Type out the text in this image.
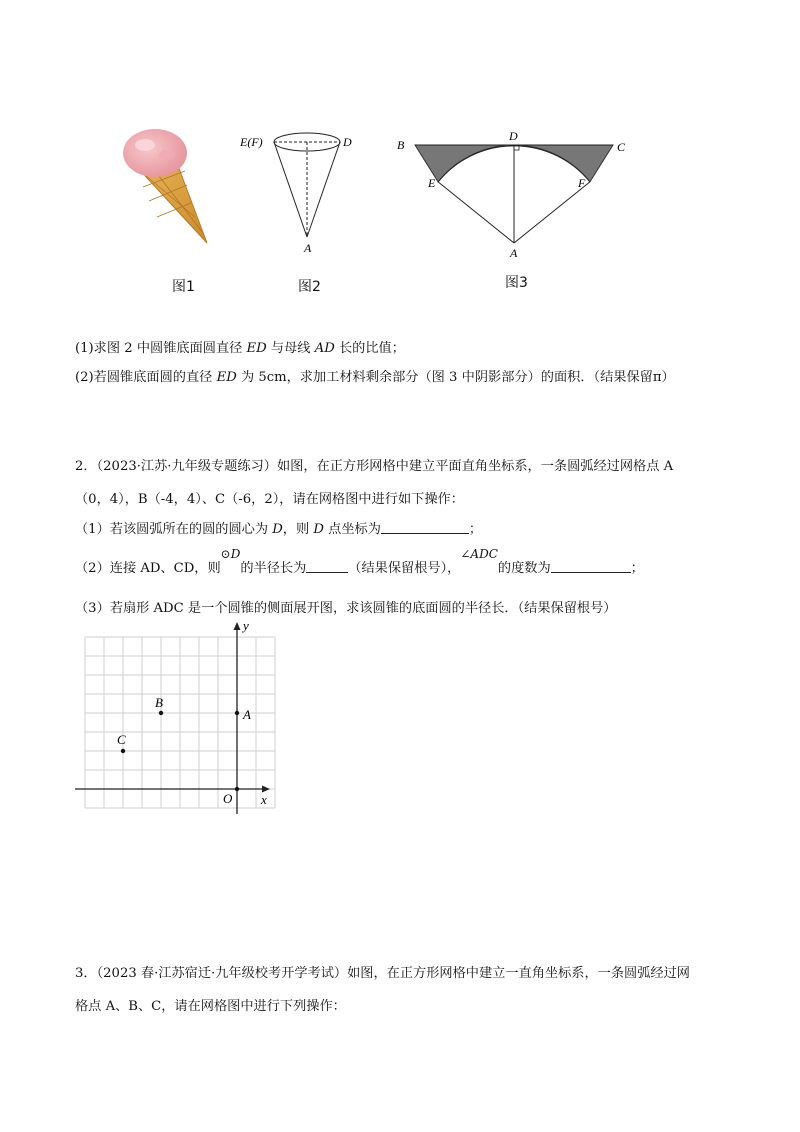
图1
E(F)	D
A
图2
B
D
C
E	F
A
图3
(1)求图 2 中圆锥底面圆直径 ED 与母线 AD 长的比值；
(2)若圆锥底面圆的直径 ED 为 5cm，求加工材料剩余部分（图 3 中阴影部分）的面积．（结果保留π）
2．（2023·江苏·九年级专题练习）如图，在正方形网格中建立平面直角坐标系，一条圆弧经过网格点 A
（0，4），B（-4，4）、C（-6，2），请在网格图中进行如下操作：
（1）若该圆弧所在的圆的圆心为 D，则 D 点坐标为	；
（2）连接 AD、CD，则⊙D的半径长为	（结果保留根号），∠ADC的度数为	；
（3）若扇形 ADC 是一个圆锥的侧面展开图，求该圆锥的底面圆的半径长．（结果保留根号）
y
x
O
A
B
C
3．（2023 春·江苏宿迁·九年级校考开学考试）如图，在正方形网格中建立一直角坐标系，一条圆弧经过网
格点 A、B、C，请在网格图中进行下列操作：
